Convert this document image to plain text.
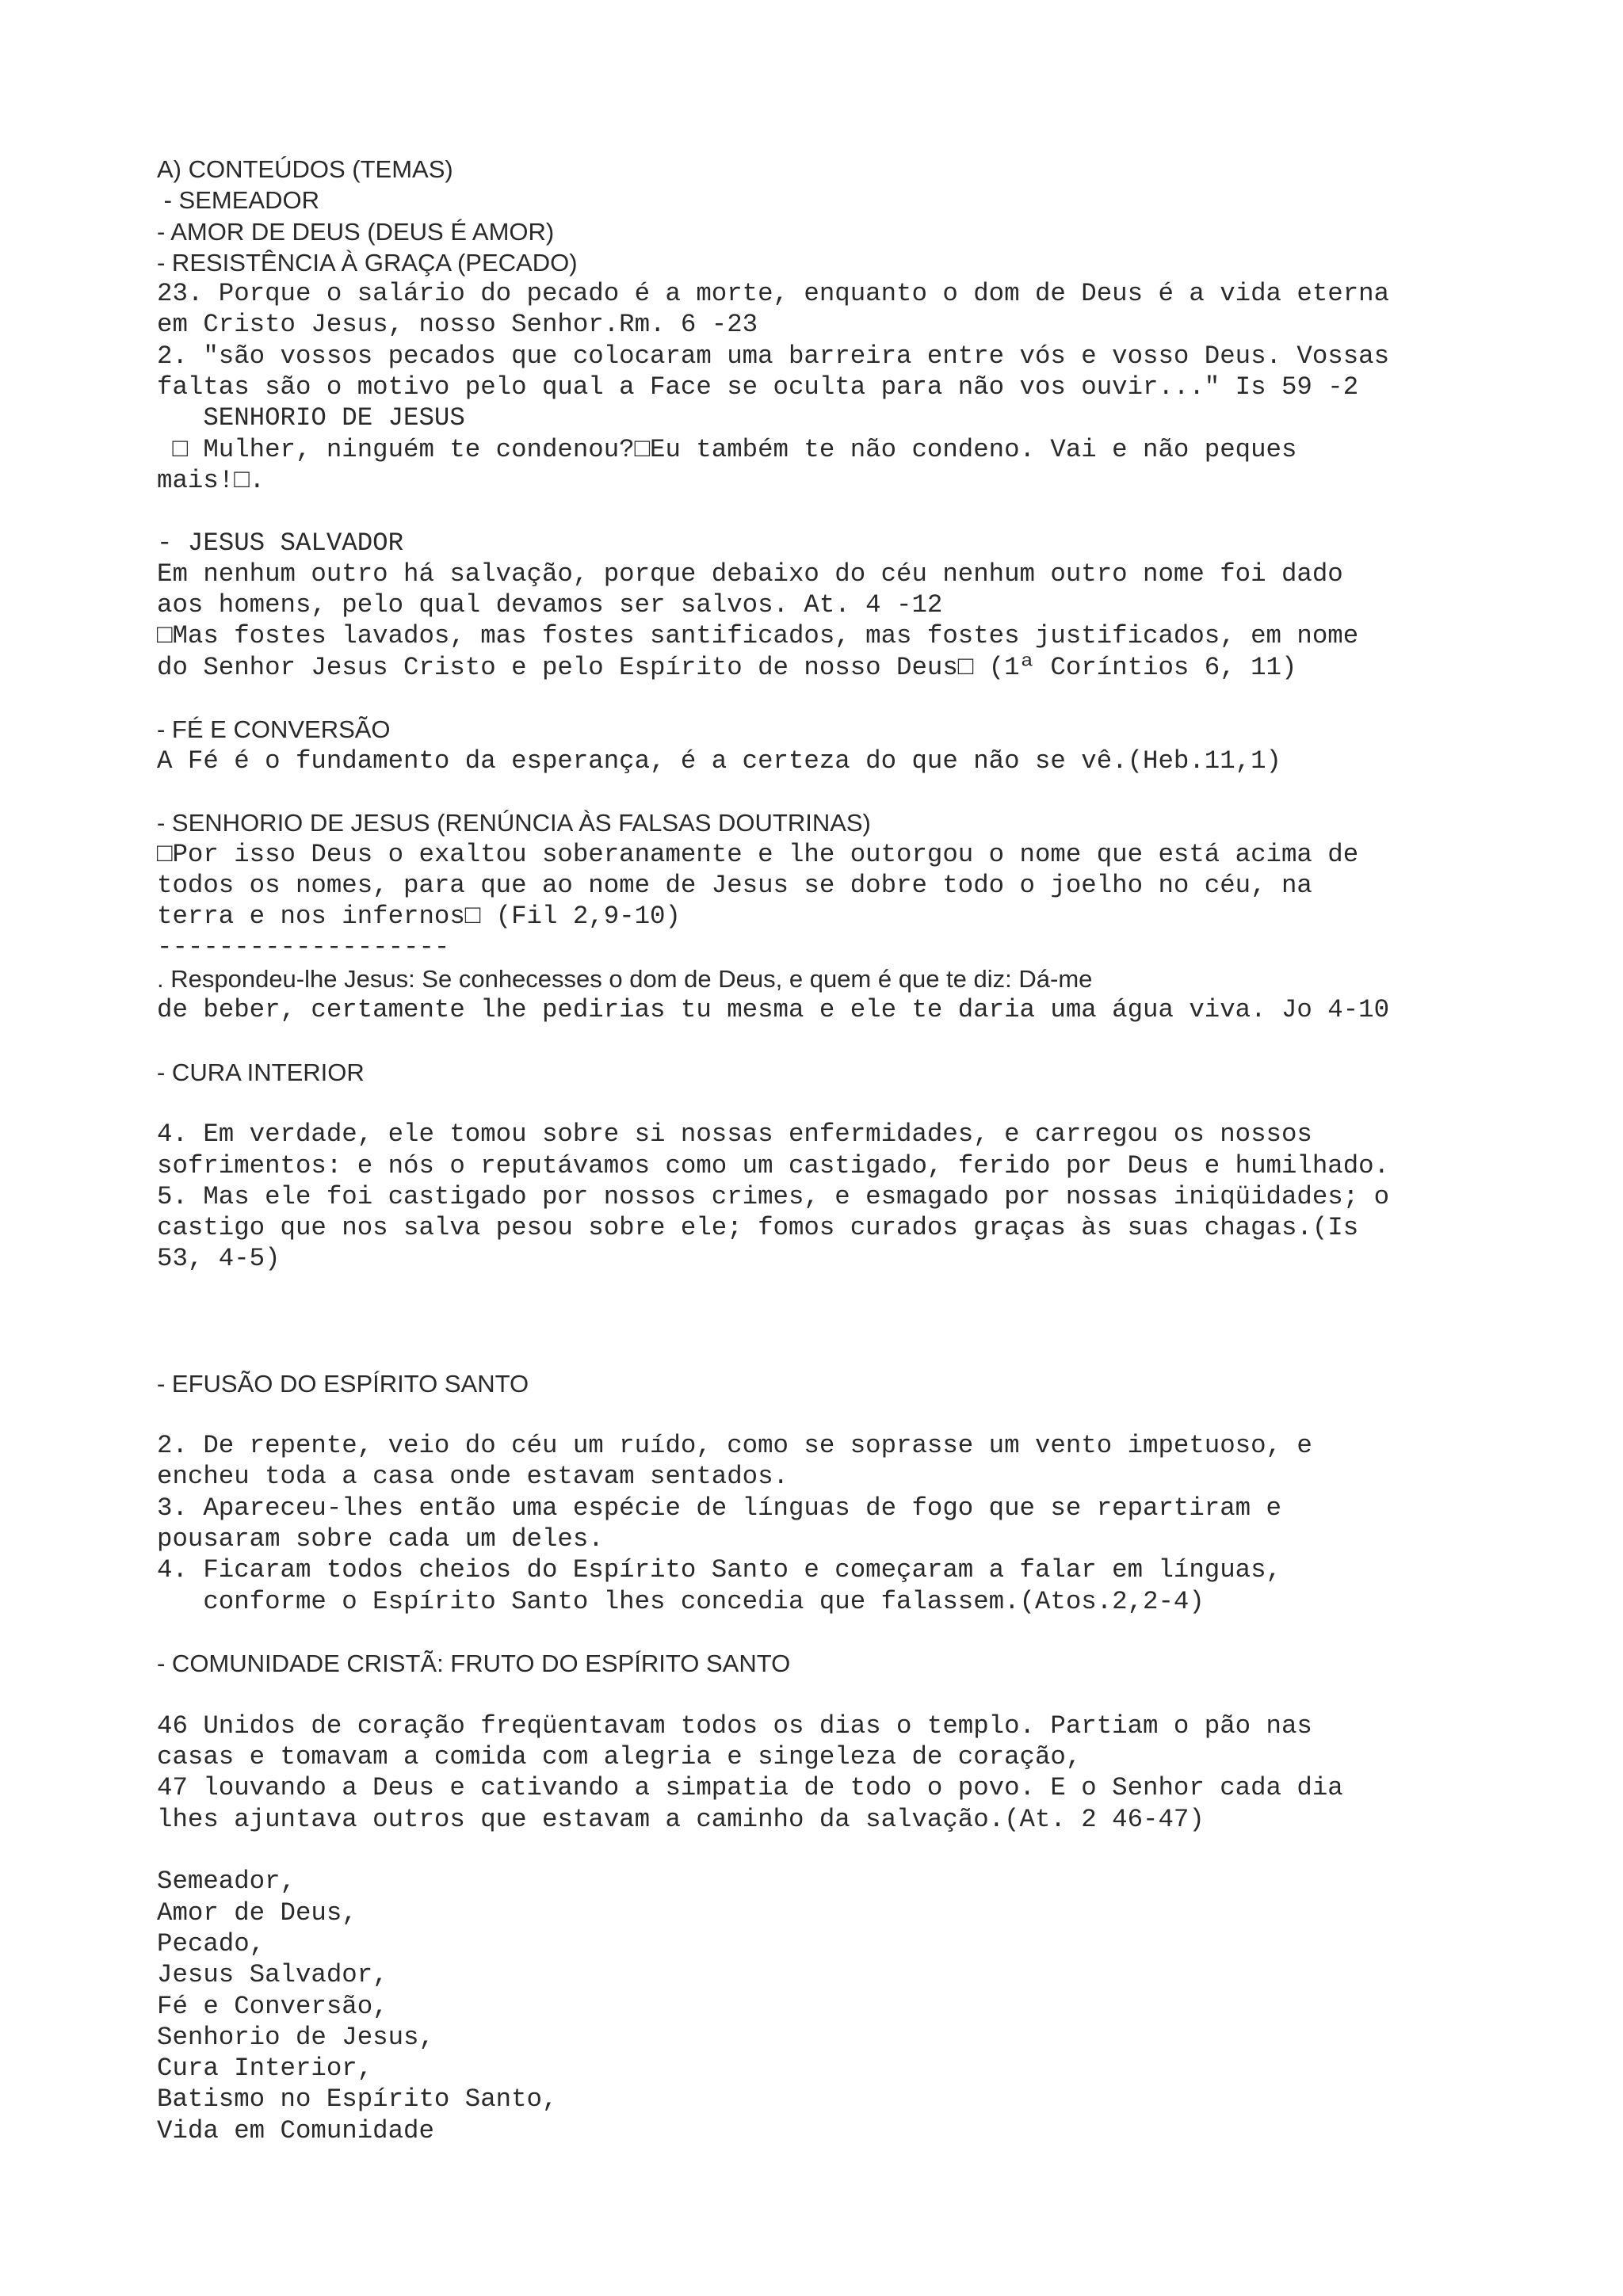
A) CONTEÚDOS (TEMAS)
- SEMEADOR
- AMOR DE DEUS (DEUS É AMOR)
- RESISTÊNCIA À GRAÇA (PECADO)
23. Porque o salário do pecado é a morte, enquanto o dom de Deus é a vida eterna
em Cristo Jesus, nosso Senhor.Rm. 6 -23
2. "são vossos pecados que colocaram uma barreira entre vós e vosso Deus. Vossas
faltas são o motivo pelo qual a Face se oculta para não vos ouvir..." Is 59 -2
SENHORIO DE JESUS
□ Mulher, ninguém te condenou?□Eu também te não condeno. Vai e não peques
mais!□.
- JESUS SALVADOR
Em nenhum outro há salvação, porque debaixo do céu nenhum outro nome foi dado
aos homens, pelo qual devamos ser salvos. At. 4 -12
□Mas fostes lavados, mas fostes santificados, mas fostes justificados, em nome
do Senhor Jesus Cristo e pelo Espírito de nosso Deus□ (1ª Coríntios 6, 11)
- FÉ E CONVERSÃO
A Fé é o fundamento da esperança, é a certeza do que não se vê.(Heb.11,1)
- SENHORIO DE JESUS (RENÚNCIA ÀS FALSAS DOUTRINAS)
□Por isso Deus o exaltou soberanamente e lhe outorgou o nome que está acima de
todos os nomes, para que ao nome de Jesus se dobre todo o joelho no céu, na
terra e nos infernos□ (Fil 2,9-10)
-------------------
. Respondeu-lhe Jesus: Se conhecesses o dom de Deus, e quem é que te diz: Dá-me
de beber, certamente lhe pedirias tu mesma e ele te daria uma água viva. Jo 4-10
- CURA INTERIOR
4. Em verdade, ele tomou sobre si nossas enfermidades, e carregou os nossos
sofrimentos: e nós o reputávamos como um castigado, ferido por Deus e humilhado.
5. Mas ele foi castigado por nossos crimes, e esmagado por nossas iniqüidades; o
castigo que nos salva pesou sobre ele; fomos curados graças às suas chagas.(Is
53, 4-5)
- EFUSÃO DO ESPÍRITO SANTO
2. De repente, veio do céu um ruído, como se soprasse um vento impetuoso, e
encheu toda a casa onde estavam sentados.
3. Apareceu-lhes então uma espécie de línguas de fogo que se repartiram e
pousaram sobre cada um deles.
4. Ficaram todos cheios do Espírito Santo e começaram a falar em línguas,
conforme o Espírito Santo lhes concedia que falassem.(Atos.2,2-4)
- COMUNIDADE CRISTÃ: FRUTO DO ESPÍRITO SANTO
46 Unidos de coração freqüentavam todos os dias o templo. Partiam o pão nas
casas e tomavam a comida com alegria e singeleza de coração,
47 louvando a Deus e cativando a simpatia de todo o povo. E o Senhor cada dia
lhes ajuntava outros que estavam a caminho da salvação.(At. 2 46-47)
Semeador,
Amor de Deus,
Pecado,
Jesus Salvador,
Fé e Conversão,
Senhorio de Jesus,
Cura Interior,
Batismo no Espírito Santo,
Vida em Comunidade
